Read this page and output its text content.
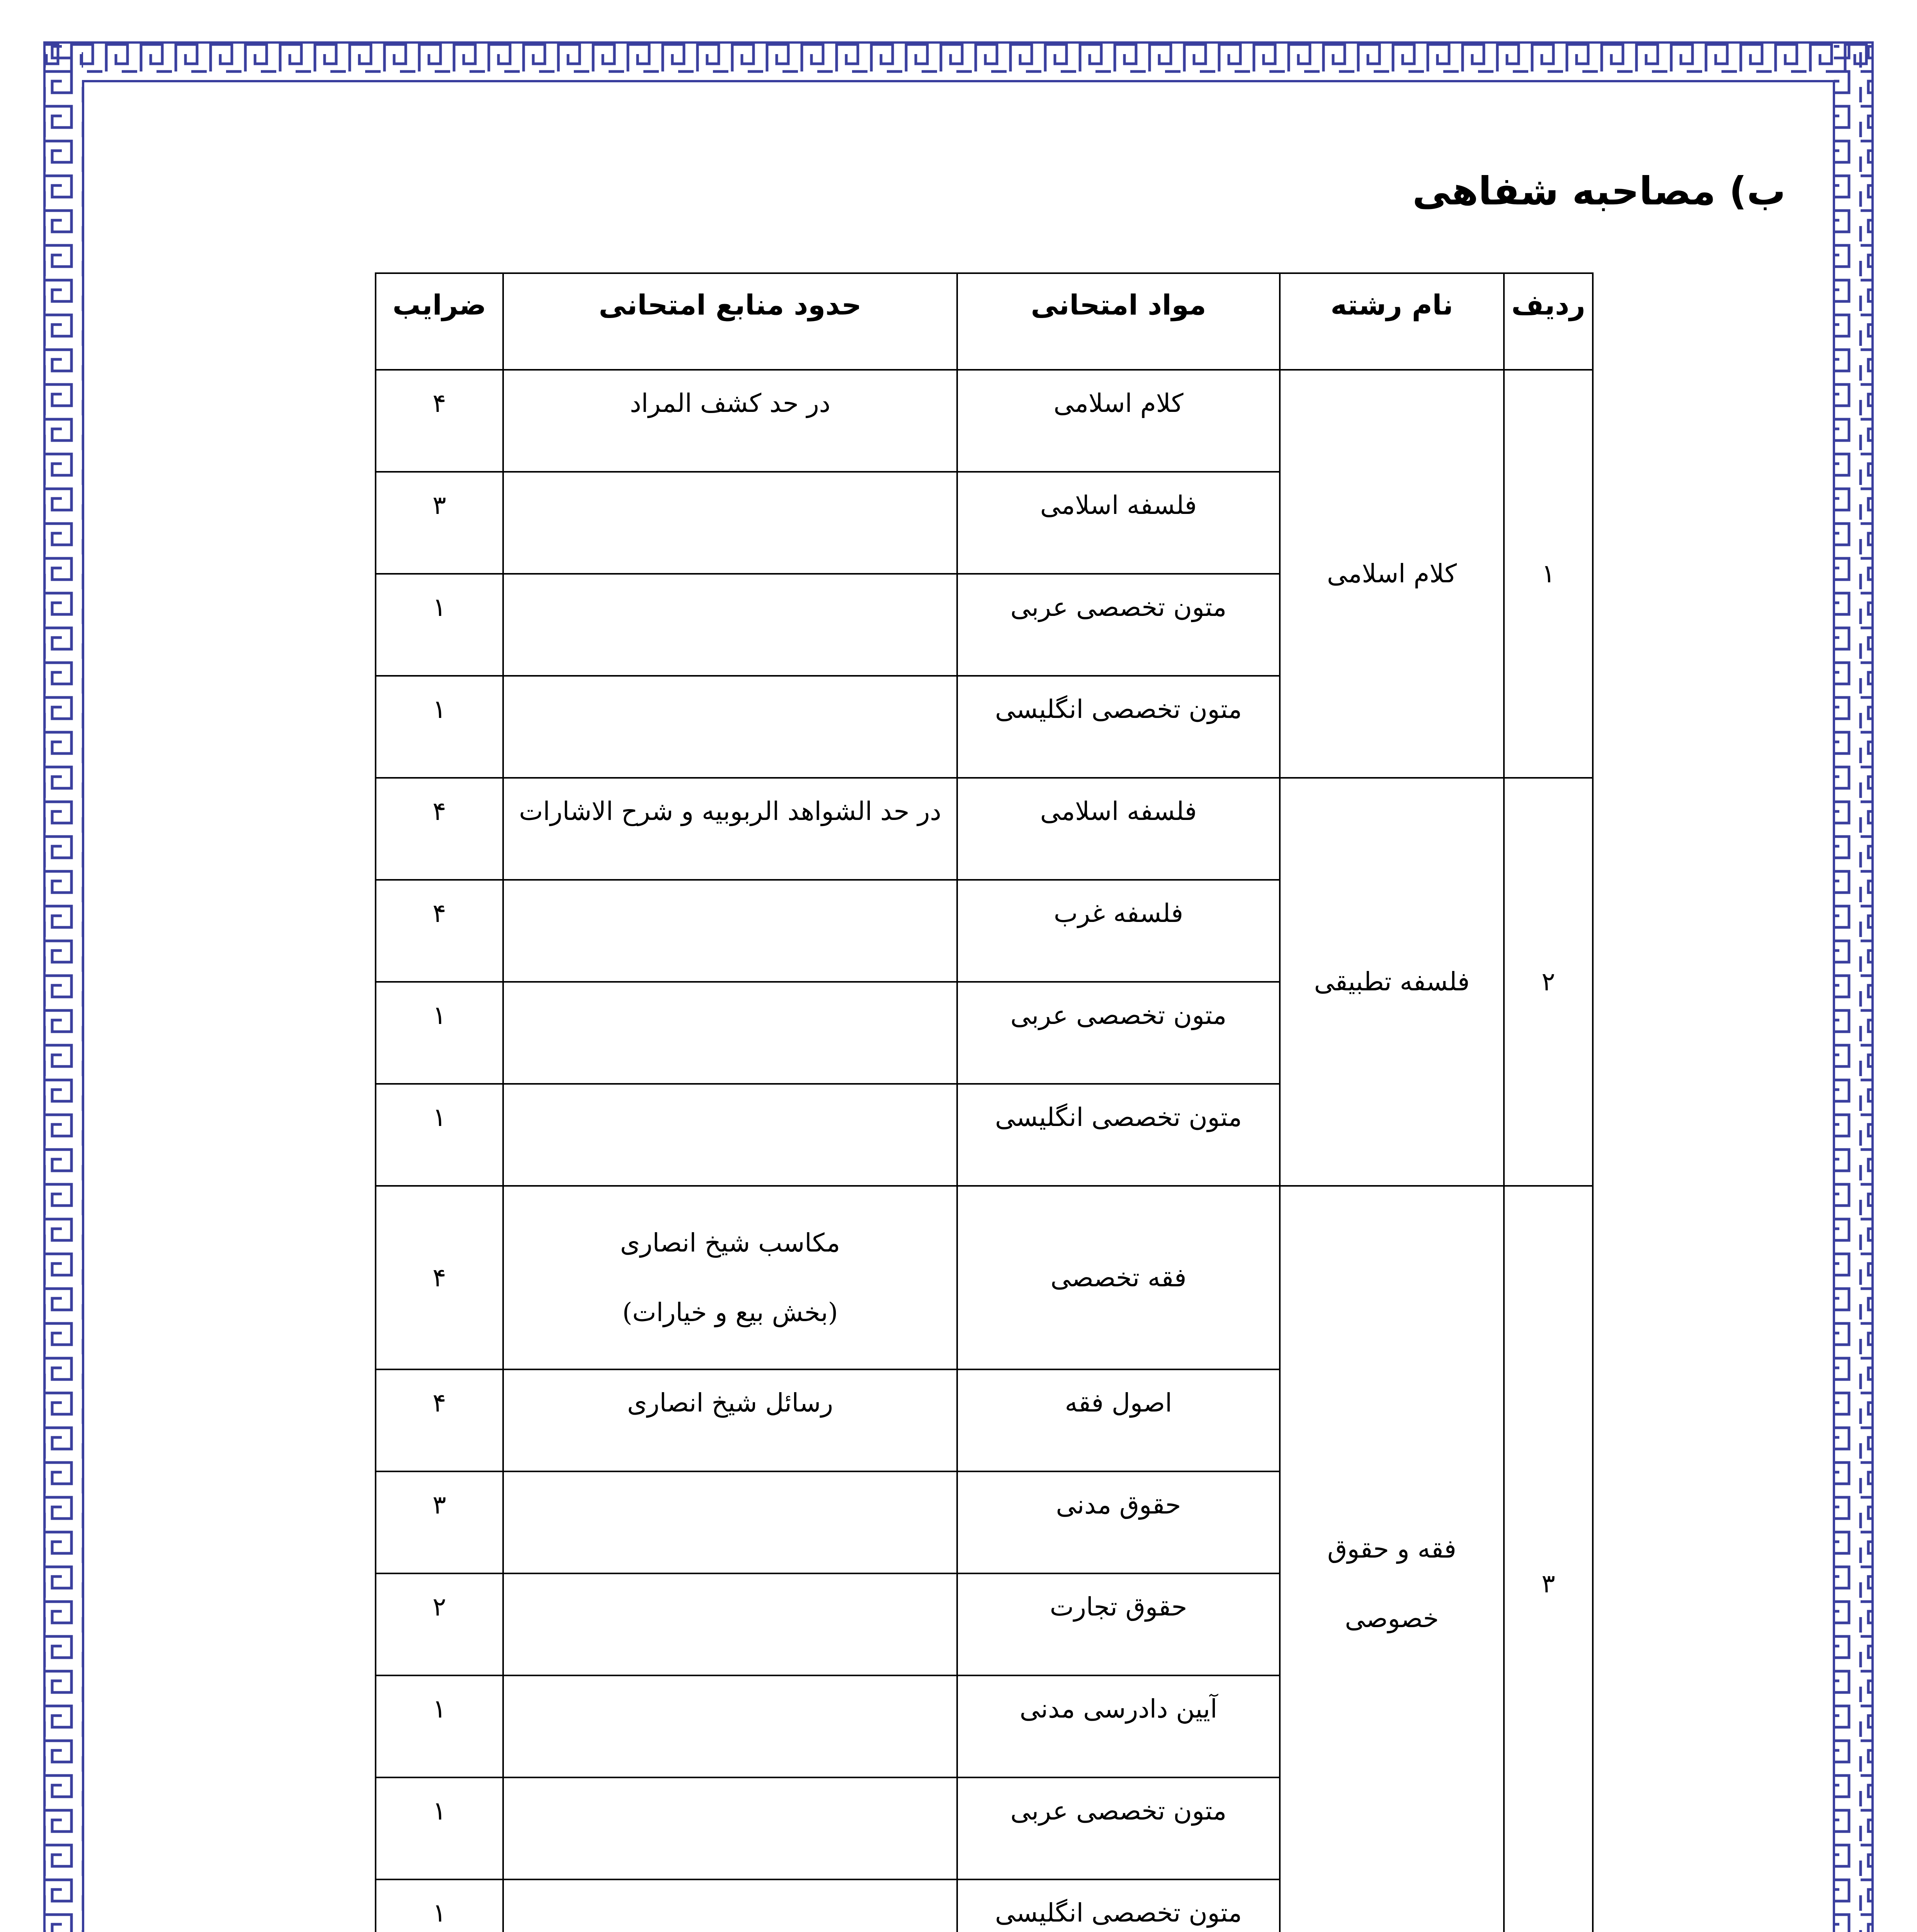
ب) مصاحبه شفاهی
ردیف	نام رشته	مواد امتحانی	حدود منابع امتحانی	ضرایب
۱	کلام اسلامی	کلام اسلامی	در حد کشف المراد	۴
		فلسفه اسلامی		۳
		متون تخصصی عربی		۱
		متون تخصصی انگلیسی		۱
۲	فلسفه تطبیقی	فلسفه اسلامی	در حد الشواهد الربوبیه و شرح الاشارات	۴
		فلسفه غرب		۴
		متون تخصصی عربی		۱
		متون تخصصی انگلیسی		۱
۳	فقه و حقوق خصوصی	فقه تخصصی	مکاسب شیخ انصاری (بخش بیع و خیارات)	۴
		اصول فقه	رسائل شیخ انصاری	۴
		حقوق مدنی		۳
		حقوق تجارت		۲
		آیین دادرسی مدنی		۱
		متون تخصصی عربی		۱
		متون تخصصی انگلیسی		۱
